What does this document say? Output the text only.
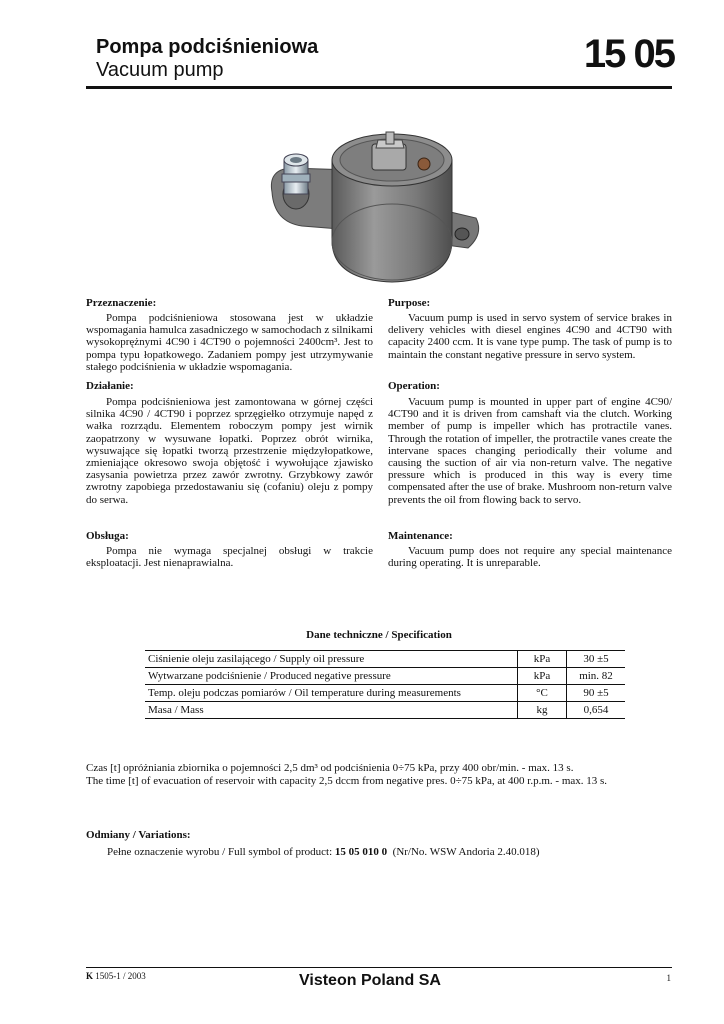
Pompa podciśnieniowa
Vacuum pump	15 05
Przeznaczenie:

Pompa podciśnieniowa stosowana jest w układzie wspomagania hamulca zasadniczego w samochodach z silnikami wysokoprężnymi 4C90 i 4CT90 o pojemności 2400cm³. Jest to pompa typu łopatkowego. Zadaniem pompy jest utrzymywanie stałego podciśnienia w układzie wspomagania.

Purpose:

Vacuum pump is used in servo system of service brakes in delivery vehicles with diesel engines 4C90 and 4CT90 with capacity 2400 ccm. It is vane type pump. The task of pump is to maintain the constant negative pressure in servo system.

Działanie:

Pompa podciśnieniowa jest zamontowana w górnej części silnika 4C90 / 4CT90 i poprzez sprzęgiełko otrzymuje napęd z wałka rozrządu. Elementem roboczym pompy jest wirnik zaopatrzony w wysuwane łopatki. Poprzez obrót wirnika, wysuwające się łopatki tworzą przestrzenie międzyłopatkowe, zmieniające okresowo swoja objętość i wywołujące zjawisko zasysania powietrza przez zawór zwrotny. Grzybkowy zawór zwrotny zapobiega przedostawaniu się (cofaniu) oleju z pompy do serwa.

Operation:

Vacuum pump is mounted in upper part of engine 4C90/ 4CT90 and it is driven from camshaft via the clutch. Working member of pump is impeller which has protractile vanes. Through the rotation of impeller, the protractile vanes create the intervane spaces changing periodically their volume and causing the suction of air via non-return valve. The negative pressure which is produced in this way is every time compensated after the use of brake. Mushroom non-return valve prevents the oil from flowing back to servo.

Obsługa:

Pompa nie wymaga specjalnej obsługi w trakcie eksploatacji. Jest nienaprawialna.

Maintenance:

Vacuum pump does not require any special maintenance during operating. It is unreparable.

Dane techniczne / Specification
Ciśnienie oleju zasilającego / Supply oil pressure	kPa	30 ±5
Wytwarzane podciśnienie / Produced negative pressure	kPa	min. 82
Temp. oleju podczas pomiarów / Oil temperature during measurements	°C	90 ±5
Masa / Mass	kg	0,654
Czas [t] opróżniania zbiornika o pojemności 2,5 dm³ od podciśnienia 0÷75 kPa, przy 400 obr/min. - max. 13 s.
The time [t] of evacuation of reservoir with capacity 2,5 dccm from negative pres. 0÷75 kPa, at 400 r.p.m. - max. 13 s.
Odmiany / Variations:
Pełne oznaczenie wyrobu / Full symbol of product: 15 05 010 0 (Nr/No. WSW Andoria 2.40.018)
K 1505-1 / 2003	Visteon Poland SA	1
